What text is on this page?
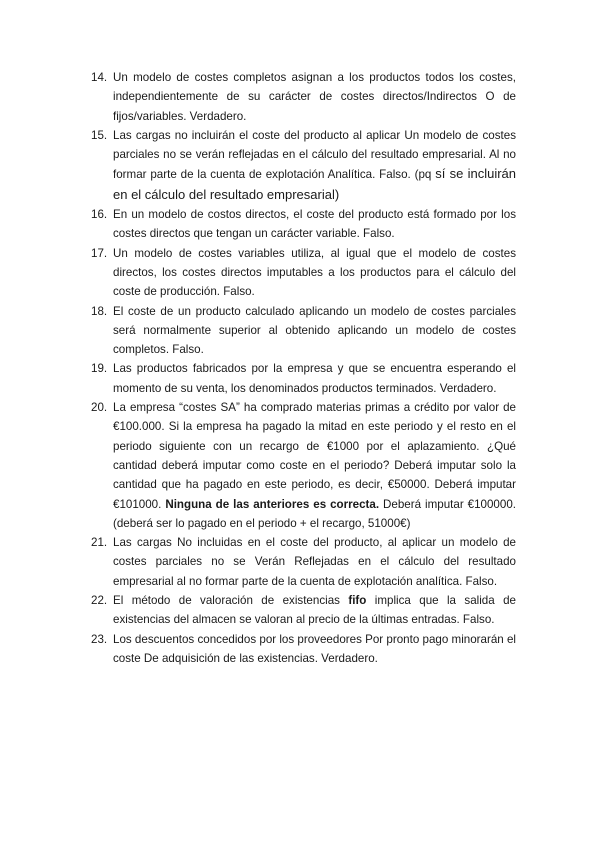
14 . Un modelo de costes completos asignan a los productos todos los costes, independientemente de su carácter de costes directos/Indirectos O de fijos/variables. Verdadero.
15 . Las cargas no incluirán el coste del producto al aplicar Un modelo de costes parciales no se verán reflejadas en el cálculo del resultado empresarial. Al no formar parte de la cuenta de explotación Analítica. Falso. (pq sí se incluirán en el cálculo del resultado empresarial)
16 . En un modelo de costos directos, el coste del producto está formado por los costes directos que tengan un carácter variable. Falso.
17 . Un modelo de costes variables utiliza, al igual que el modelo de costes directos, los costes directos imputables a los productos para el cálculo del coste de producción. Falso.
18 . El coste de un producto calculado aplicando un modelo de costes parciales será normalmente superior al obtenido aplicando un modelo de costes completos. Falso.
19 . Las productos fabricados por la empresa y que se encuentra esperando el momento de su venta, los denominados productos terminados. Verdadero.
20 . La empresa “costes SA” ha comprado materias primas a crédito por valor de €100.000. Si la empresa ha pagado la mitad en este periodo y el resto en el periodo siguiente con un recargo de €1000 por el aplazamiento. ¿Qué cantidad deberá imputar como coste en el periodo? Deberá imputar solo la cantidad que ha pagado en este periodo, es decir, €50000. Deberá imputar €101000. Ninguna de las anteriores es correcta. Deberá imputar €100000. (deberá ser lo pagado en el periodo + el recargo, 51000€)
21 . Las cargas No incluidas en el coste del producto, al aplicar un modelo de costes parciales no se Verán Reflejadas en el cálculo del resultado empresarial al no formar parte de la cuenta de explotación analítica. Falso.
22 . El método de valoración de existencias fifo implica que la salida de existencias del almacen se valoran al precio de la últimas entradas. Falso.
23 . Los descuentos concedidos por los proveedores Por pronto pago minorarán el coste De adquisición de las existencias. Verdadero.
